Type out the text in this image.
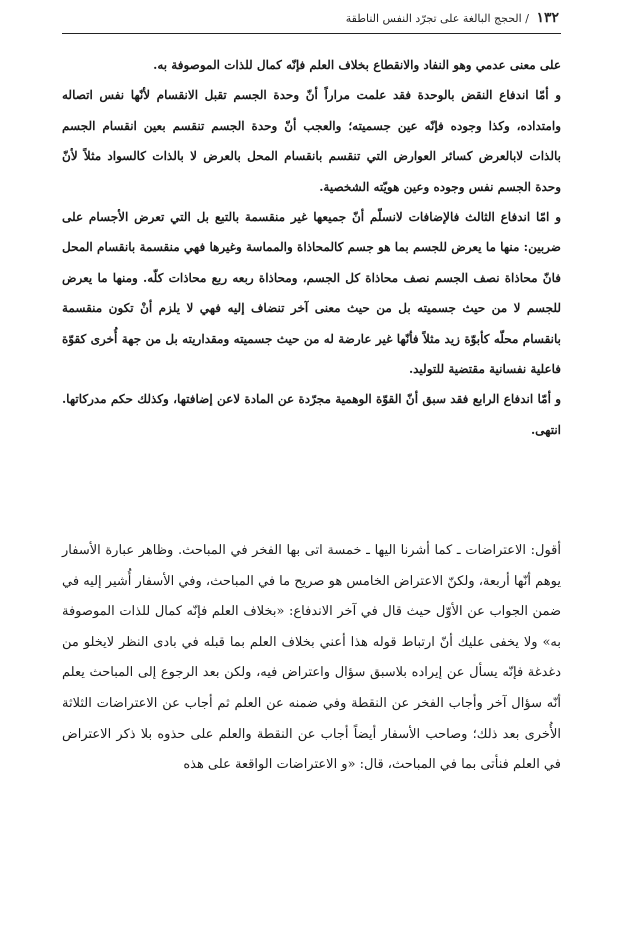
١٣٢ / الحجج البالغة على تجرّد النفس الناطقة

على معنى عدمي وهو النفاد والانقطاع بخلاف العلم فإنّه كمال للذات الموصوفة به.

و أمّا اندفاع النقض بالوحدة فقد علمت مراراً أنّ وحدة الجسم تقبل الانقسام لأنّها نفس اتصاله وامتداده، وكذا وجوده فإنّه عين جسميته؛ والعجب أنّ وحدة الجسم تنقسم بعين انقسام الجسم بالذات لابالعرض كسائر العوارض التي تنقسم بانقسام المحل بالعرض لا بالذات كالسواد مثلاً لأنّ وحدة الجسم نفس وجوده وعين هويّته الشخصية.

و امّا اندفاع الثالث فالإضافات لانسلّم أنّ جميعها غير منقسمة بالتبع بل التي تعرض الأجسام على ضربين: منها ما يعرض للجسم بما هو جسم كالمحاذاة والمماسة وغيرها فهي منقسمة بانقسام المحل فانّ محاذاة نصف الجسم نصف محاذاة كل الجسم، ومحاذاة ربعه ربع محاذات كلّه. ومنها ما يعرض للجسم لا من حيث جسميته بل من حيث معنى آخر تنضاف إليه فهي لا يلزم أنْ تكون منقسمة بانقسام محلّه كأبوّة زيد مثلاً فأنّها غير عارضة له من حيث جسميته ومقداريته بل من جهة أُخرى كقوّة فاعلية نفسانية مقتضية للتوليد.

و أمّا اندفاع الرابع فقد سبق أنّ القوّة الوهمية مجرّدة عن المادة لاعن إضافتها، وكذلك حكم مدركاتها. انتهى.

أقول: الاعتراضات ـ كما أشرنا اليها ـ خمسة اتى بها الفخر في المباحث. وظاهر عبارة الأسفار يوهم أنّها أربعة، ولكنّ الاعتراض الخامس هو صريح ما في المباحث، وفي الأسفار أُشير إليه في ضمن الجواب عن الأوّل حيث قال في آخر الاندفاع: «بخلاف العلم فإنّه كمال للذات الموصوفة به» ولا يخفى عليك أنّ ارتباط قوله هذا أعني بخلاف العلم بما قبله في بادى النظر لايخلو من دغدغة فإنّه يسأل عن إيراده بلاسبق سؤال واعتراض فيه، ولكن بعد الرجوع إلى المباحث يعلم أنّه سؤال آخر وأجاب الفخر عن النقطة وفي ضمنه عن العلم ثم أجاب عن الاعتراضات الثلاثة الأُخرى بعد ذلك؛ وصاحب الأسفار أيضاً أجاب عن النقطة والعلم على حذوه بلا ذكر الاعتراض في العلم فنأتى بما في المباحث، قال: «و الاعتراضات الواقعة على هذه
